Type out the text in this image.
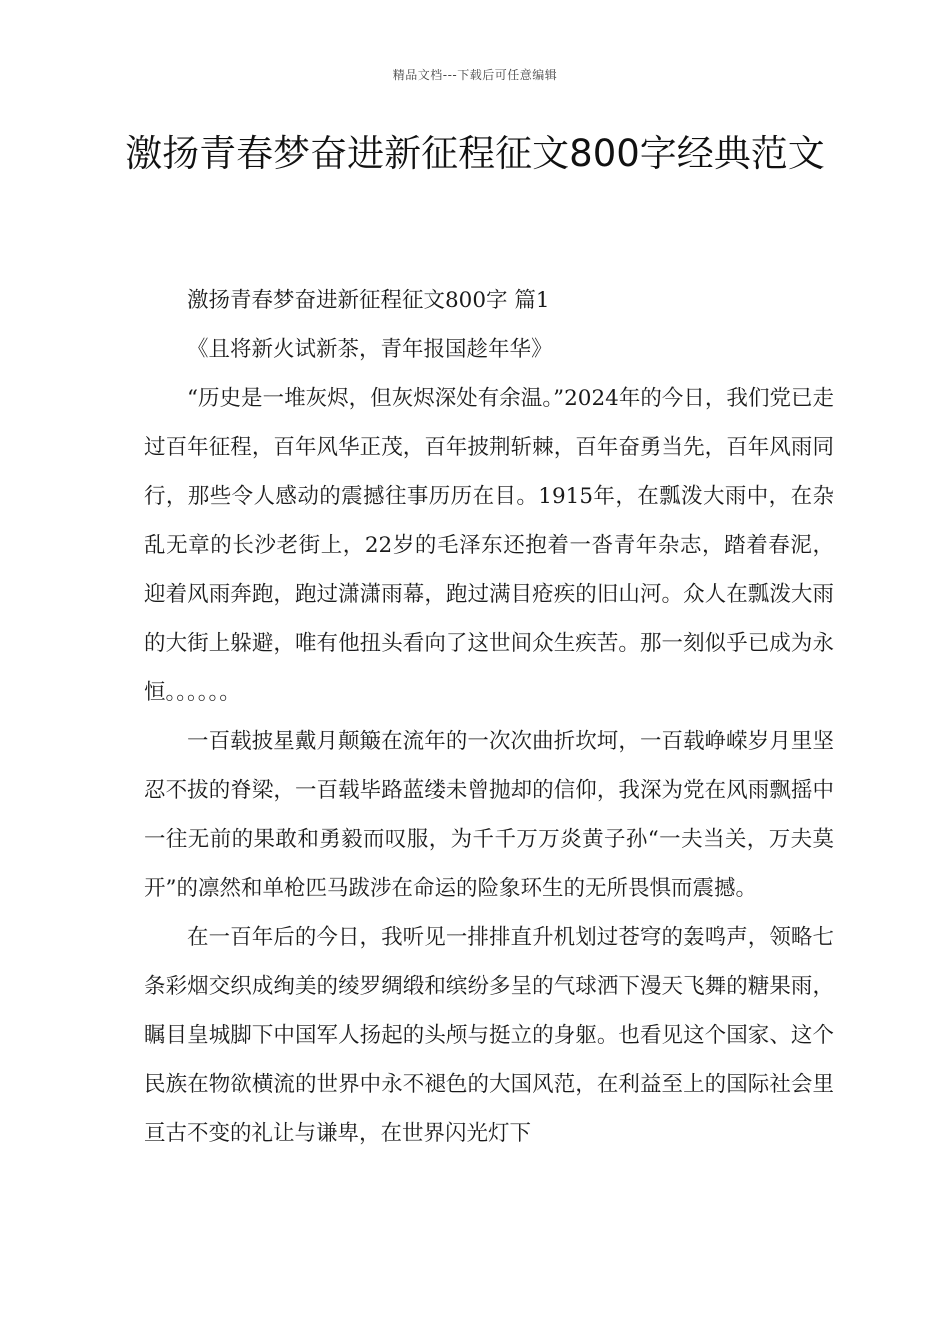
精品文档---下载后可任意编辑
激扬青春梦奋进新征程征文800字经典范文

激扬青春梦奋进新征程征文800字 篇1

《且将新火试新茶，青年报国趁年华》

“历史是一堆灰烬，但灰烬深处有余温。”2024年的今日，我们党已走过百年征程，百年风华正茂，百年披荆斩棘，百年奋勇当先，百年风雨同行，那些令人感动的震撼往事历历在目。1915年，在瓢泼大雨中，在杂乱无章的长沙老街上，22岁的毛泽东还抱着一沓青年杂志，踏着春泥，迎着风雨奔跑，跑过潇潇雨幕，跑过满目疮疾的旧山河。众人在瓢泼大雨的大街上躲避，唯有他扭头看向了这世间众生疾苦。那一刻似乎已成为永恒。。。。。。

一百载披星戴月颠簸在流年的一次次曲折坎坷，一百载峥嵘岁月里坚忍不拔的脊梁，一百载毕路蓝缕未曾抛却的信仰，我深为党在风雨飘摇中一往无前的果敢和勇毅而叹服，为千千万万炎黄子孙“一夫当关，万夫莫开”的凛然和单枪匹马跋涉在命运的险象环生的无所畏惧而震撼。

在一百年后的今日，我听见一排排直升机划过苍穹的轰鸣声，领略七条彩烟交织成绚美的绫罗绸缎和缤纷多呈的气球洒下漫天飞舞的糖果雨，瞩目皇城脚下中国军人扬起的头颅与挺立的身躯。也看见这个国家、这个民族在物欲横流的世界中永不褪色的大国风范，在利益至上的国际社会里亘古不变的礼让与谦卑，在世界闪光灯下
